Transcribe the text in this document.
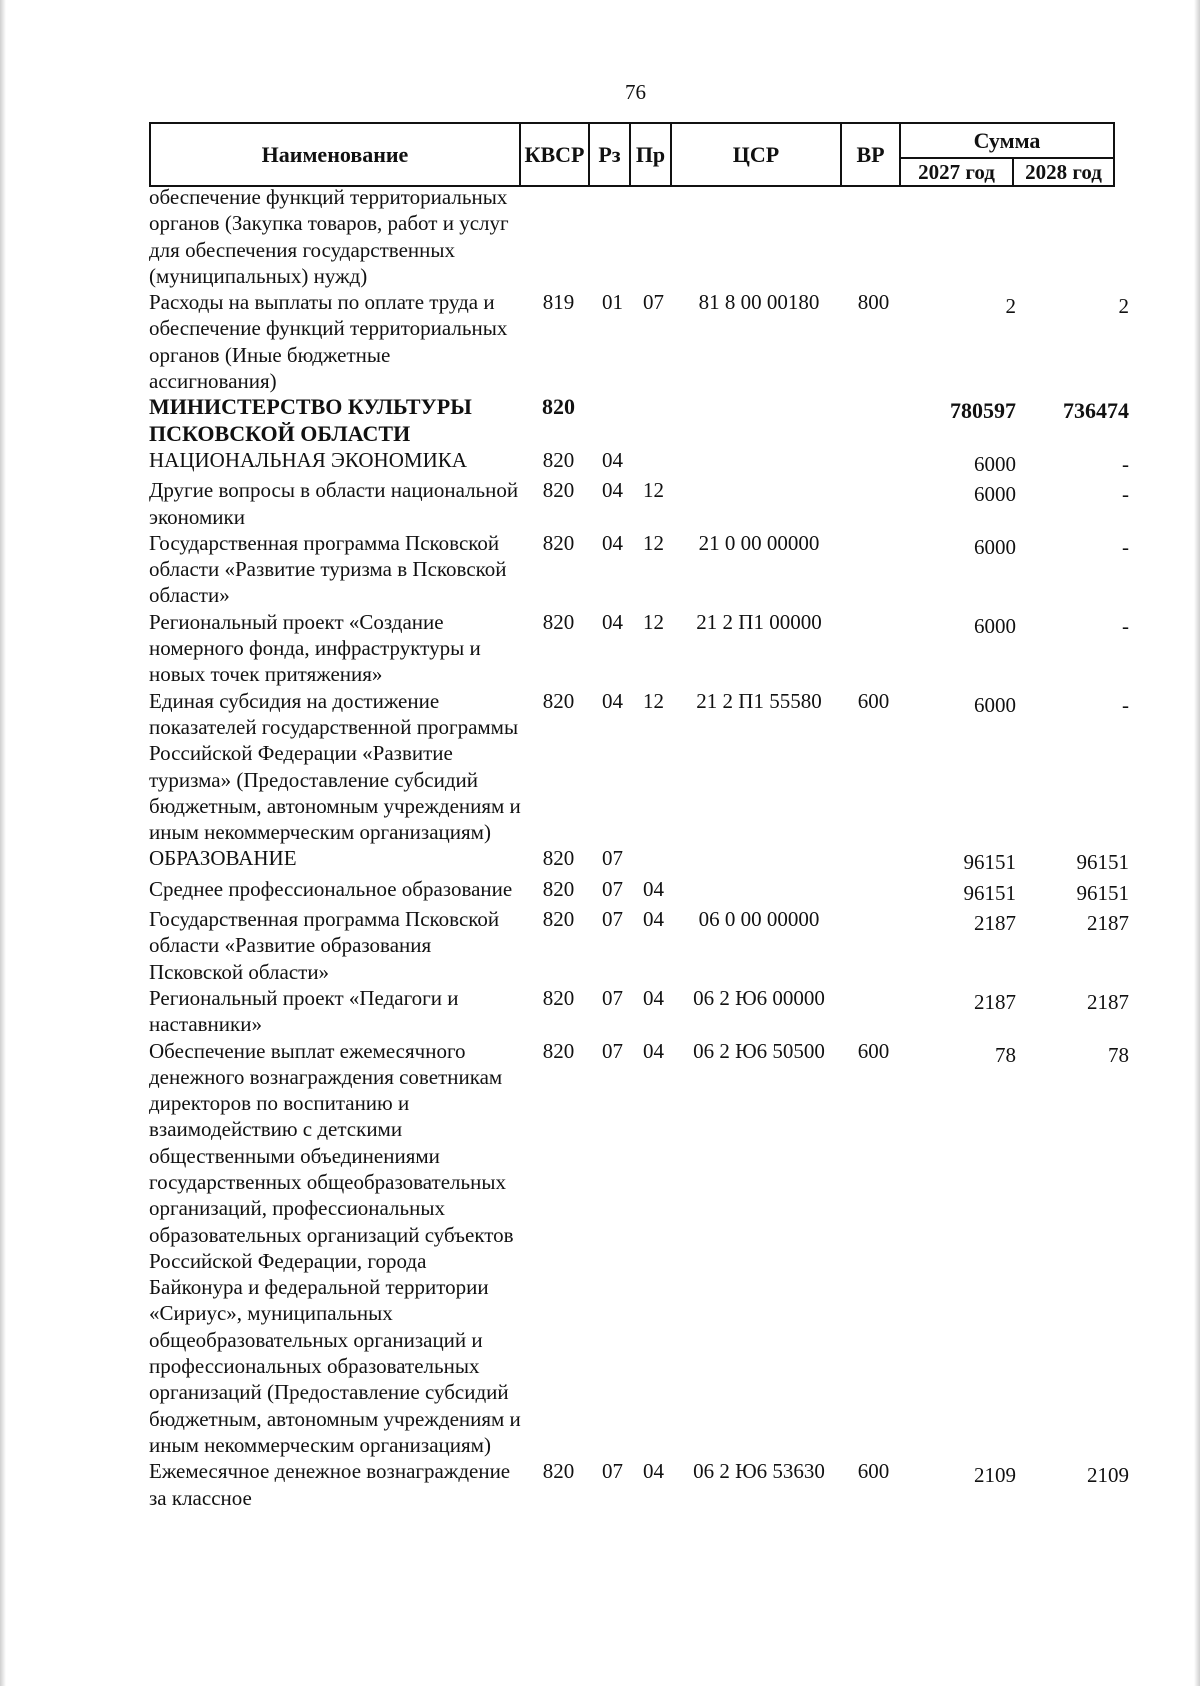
76
Наименование	КВСР	Рз	Пр	ЦСР	ВР	Сумма	
						2027 год	2028 год
обеспечение функций территориальных органов (Закупка товаров, работ и услуг для обеспечения государственных (муниципальных) нужд)							
Расходы на выплаты по оплате труда и обеспечение функций территориальных органов (Иные бюджетные ассигнования)	819	01	07	81 8 00 00180	800	2	2
МИНИСТЕРСТВО КУЛЬТУРЫ ПСКОВСКОЙ ОБЛАСТИ	820					780597	736474
НАЦИОНАЛЬНАЯ ЭКОНОМИКА	820	04				6000	-
Другие вопросы в области национальной экономики	820	04	12			6000	-
Государственная программа Псковской области «Развитие туризма в Псковской области»	820	04	12	21 0 00 00000		6000	-
Региональный проект «Создание номерного фонда, инфраструктуры и новых точек притяжения»	820	04	12	21 2 П1 00000		6000	-
Единая субсидия на достижение показателей государственной программы Российской Федерации «Развитие туризма» (Предоставление субсидий бюджетным, автономным учреждениям и иным некоммерческим организациям)	820	04	12	21 2 П1 55580	600	6000	-
ОБРАЗОВАНИЕ	820	07				96151	96151
Среднее профессиональное образование	820	07	04			96151	96151
Государственная программа Псковской области «Развитие образования Псковской области»	820	07	04	06 0 00 00000		2187	2187
Региональный проект «Педагоги и наставники»	820	07	04	06 2 Ю6 00000		2187	2187
Обеспечение выплат ежемесячного денежного вознаграждения советникам директоров по воспитанию и взаимодействию с детскими общественными объединениями государственных общеобразовательных организаций, профессиональных образовательных организаций субъектов Российской Федерации, города Байконура и федеральной территории «Сириус», муниципальных общеобразовательных организаций и профессиональных образовательных организаций (Предоставление субсидий бюджетным, автономным учреждениям и иным некоммерческим организациям)	820	07	04	06 2 Ю6 50500	600	78	78
Ежемесячное денежное вознаграждение за классное	820	07	04	06 2 Ю6 53630	600	2109	2109
